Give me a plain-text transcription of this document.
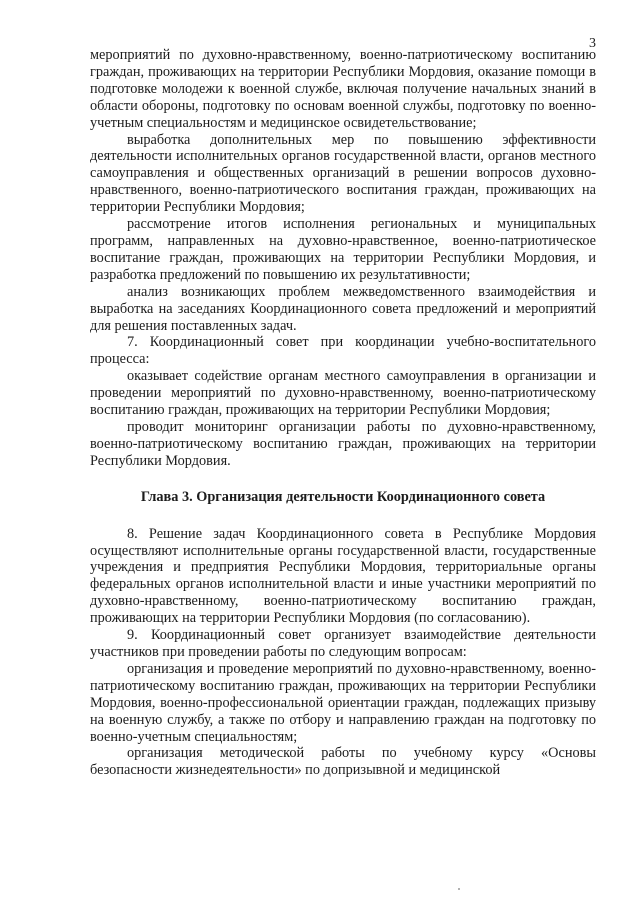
3

мероприятий по духовно-нравственному, военно-патриотическому воспитанию граждан, проживающих на территории Республики Мордовия, оказание помощи в подготовке молодежи к военной службе, включая получение начальных знаний в области обороны, подготовку по основам военной службы, подготовку по военно-учетным специальностям и медицинское освидетельствование;

выработка дополнительных мер по повышению эффективности деятельности исполнительных органов государственной власти, органов местного самоуправления и общественных организаций в решении вопросов духовно-нравственного, военно-патриотического воспитания граждан, проживающих на территории Республики Мордовия;

рассмотрение итогов исполнения региональных и муниципальных программ, направленных на духовно-нравственное, военно-патриотическое воспитание граждан, проживающих на территории Республики Мордовия, и разработка предложений по повышению их результативности;

анализ возникающих проблем межведомственного взаимодействия и выработка на заседаниях Координационного совета предложений и мероприятий для решения поставленных задач.

7. Координационный совет при координации учебно-воспитательного процесса:

оказывает содействие органам местного самоуправления в организации и проведении мероприятий по духовно-нравственному, военно-патриотическому воспитанию граждан, проживающих на территории Республики Мордовия;

проводит мониторинг организации работы по духовно-нравственному, военно-патриотическому воспитанию граждан, проживающих на территории Республики Мордовия.

Глава 3. Организация деятельности Координационного совета

8. Решение задач Координационного совета в Республике Мордовия осуществляют исполнительные органы государственной власти, государственные учреждения и предприятия Республики Мордовия, территориальные органы федеральных органов исполнительной власти и иные участники мероприятий по духовно-нравственному, военно-патриотическому воспитанию граждан, проживающих на территории Республики Мордовия (по согласованию).

9. Координационный совет организует взаимодействие деятельности участников при проведении работы по следующим вопросам:

организация и проведение мероприятий по духовно-нравственному, военно-патриотическому воспитанию граждан, проживающих на территории Республики Мордовия, военно-профессиональной ориентации граждан, подлежащих призыву на военную службу, а также по отбору и направлению граждан на подготовку по военно-учетным специальностям;

организация методической работы по учебному курсу «Основы безопасности жизнедеятельности» по допризывной и медицинской
